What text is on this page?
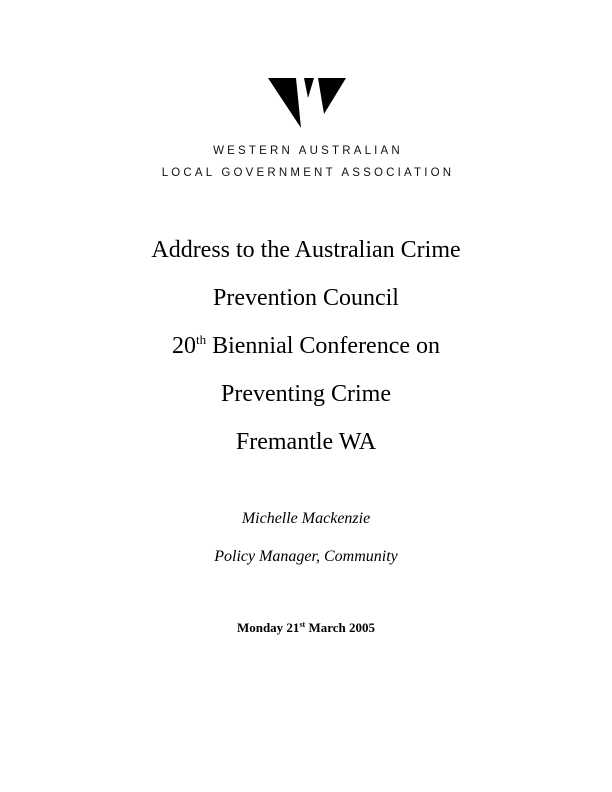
WESTERN AUSTRALIAN
LOCAL GOVERNMENT ASSOCIATION
Address to the Australian Crime
Prevention Council
20th Biennial Conference on
Preventing Crime
Fremantle WA
Michelle Mackenzie
Policy Manager, Community
Monday 21st March 2005
